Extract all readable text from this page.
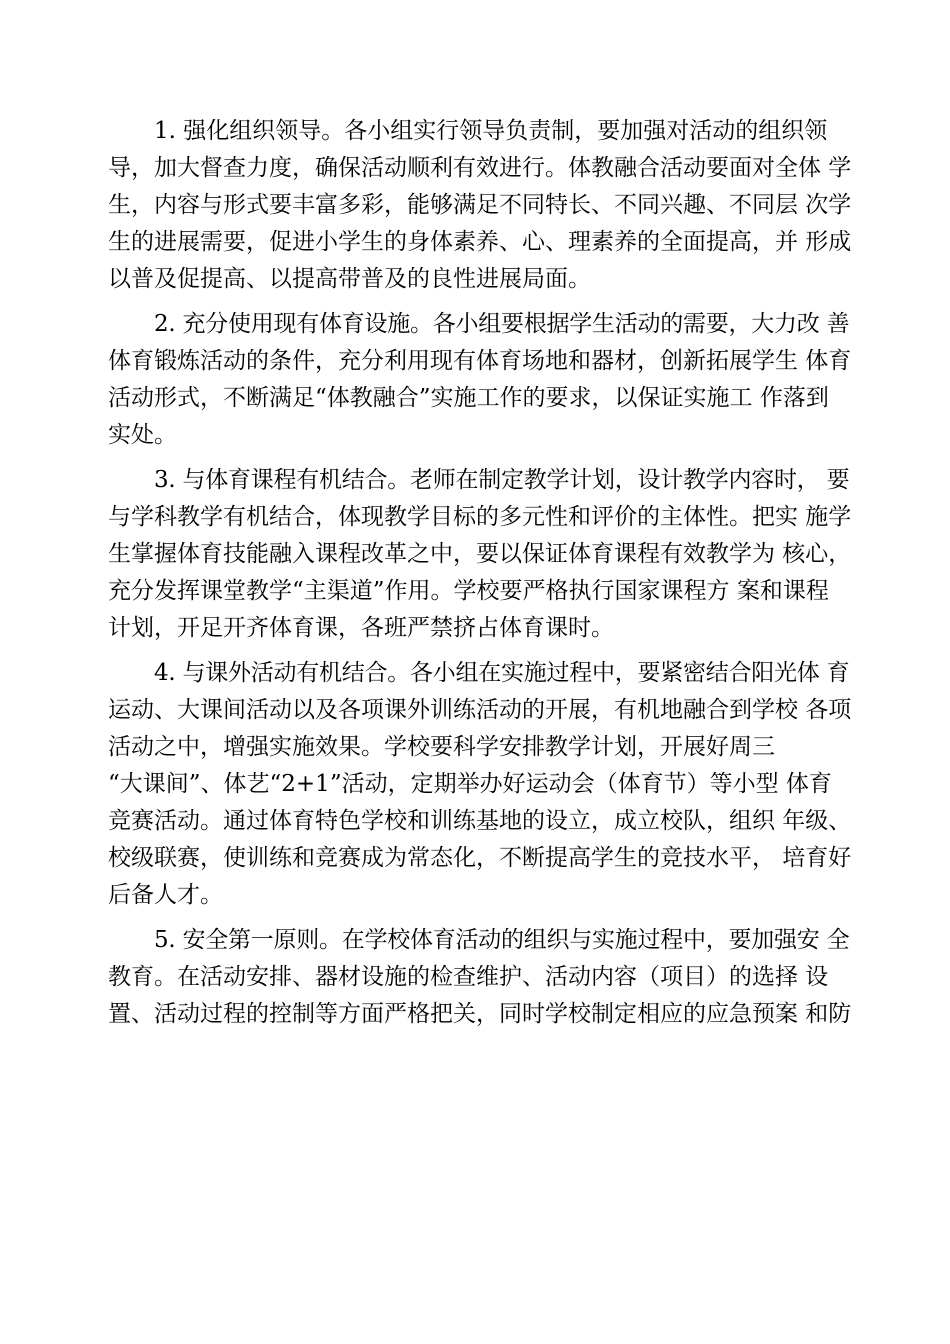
1. 强化组织领导。各小组实行领导负责制，要加强对活动的组织领
导，加大督查力度，确保活动顺利有效进行。体教融合活动要面对全体 学
生，内容与形式要丰富多彩，能够满足不同特长、不同兴趣、不同层 次学
生的进展需要，促进小学生的身体素养、心、理素养的全面提高，并 形成
以普及促提高、以提高带普及的良性进展局面。
2. 充分使用现有体育设施。各小组要根据学生活动的需要，大力改 善
体育锻炼活动的条件，充分利用现有体育场地和器材，创新拓展学生 体育
活动形式，不断满足“体教融合”实施工作的要求，以保证实施工 作落到
实处。
3. 与体育课程有机结合。老师在制定教学计划，设计教学内容时， 要
与学科教学有机结合，体现教学目标的多元性和评价的主体性。把实 施学
生掌握体育技能融入课程改革之中，要以保证体育课程有效教学为 核心，
充分发挥课堂教学“主渠道”作用。学校要严格执行国家课程方 案和课程
计划，开足开齐体育课，各班严禁挤占体育课时。
4. 与课外活动有机结合。各小组在实施过程中，要紧密结合阳光体 育
运动、大课间活动以及各项课外训练活动的开展，有机地融合到学校 各项
活动之中，增强实施效果。学校要科学安排教学计划，开展好周三
“大课间”、体艺“2+1”活动，定期举办好运动会（体育节）等小型 体育
竞赛活动。通过体育特色学校和训练基地的设立，成立校队，组织 年级、
校级联赛，使训练和竞赛成为常态化，不断提高学生的竞技水平， 培育好
后备人才。
5. 安全第一原则。在学校体育活动的组织与实施过程中，要加强安 全
教育。在活动安排、器材设施的检查维护、活动内容（项目）的选择 设
置、活动过程的控制等方面严格把关，同时学校制定相应的应急预案 和防
